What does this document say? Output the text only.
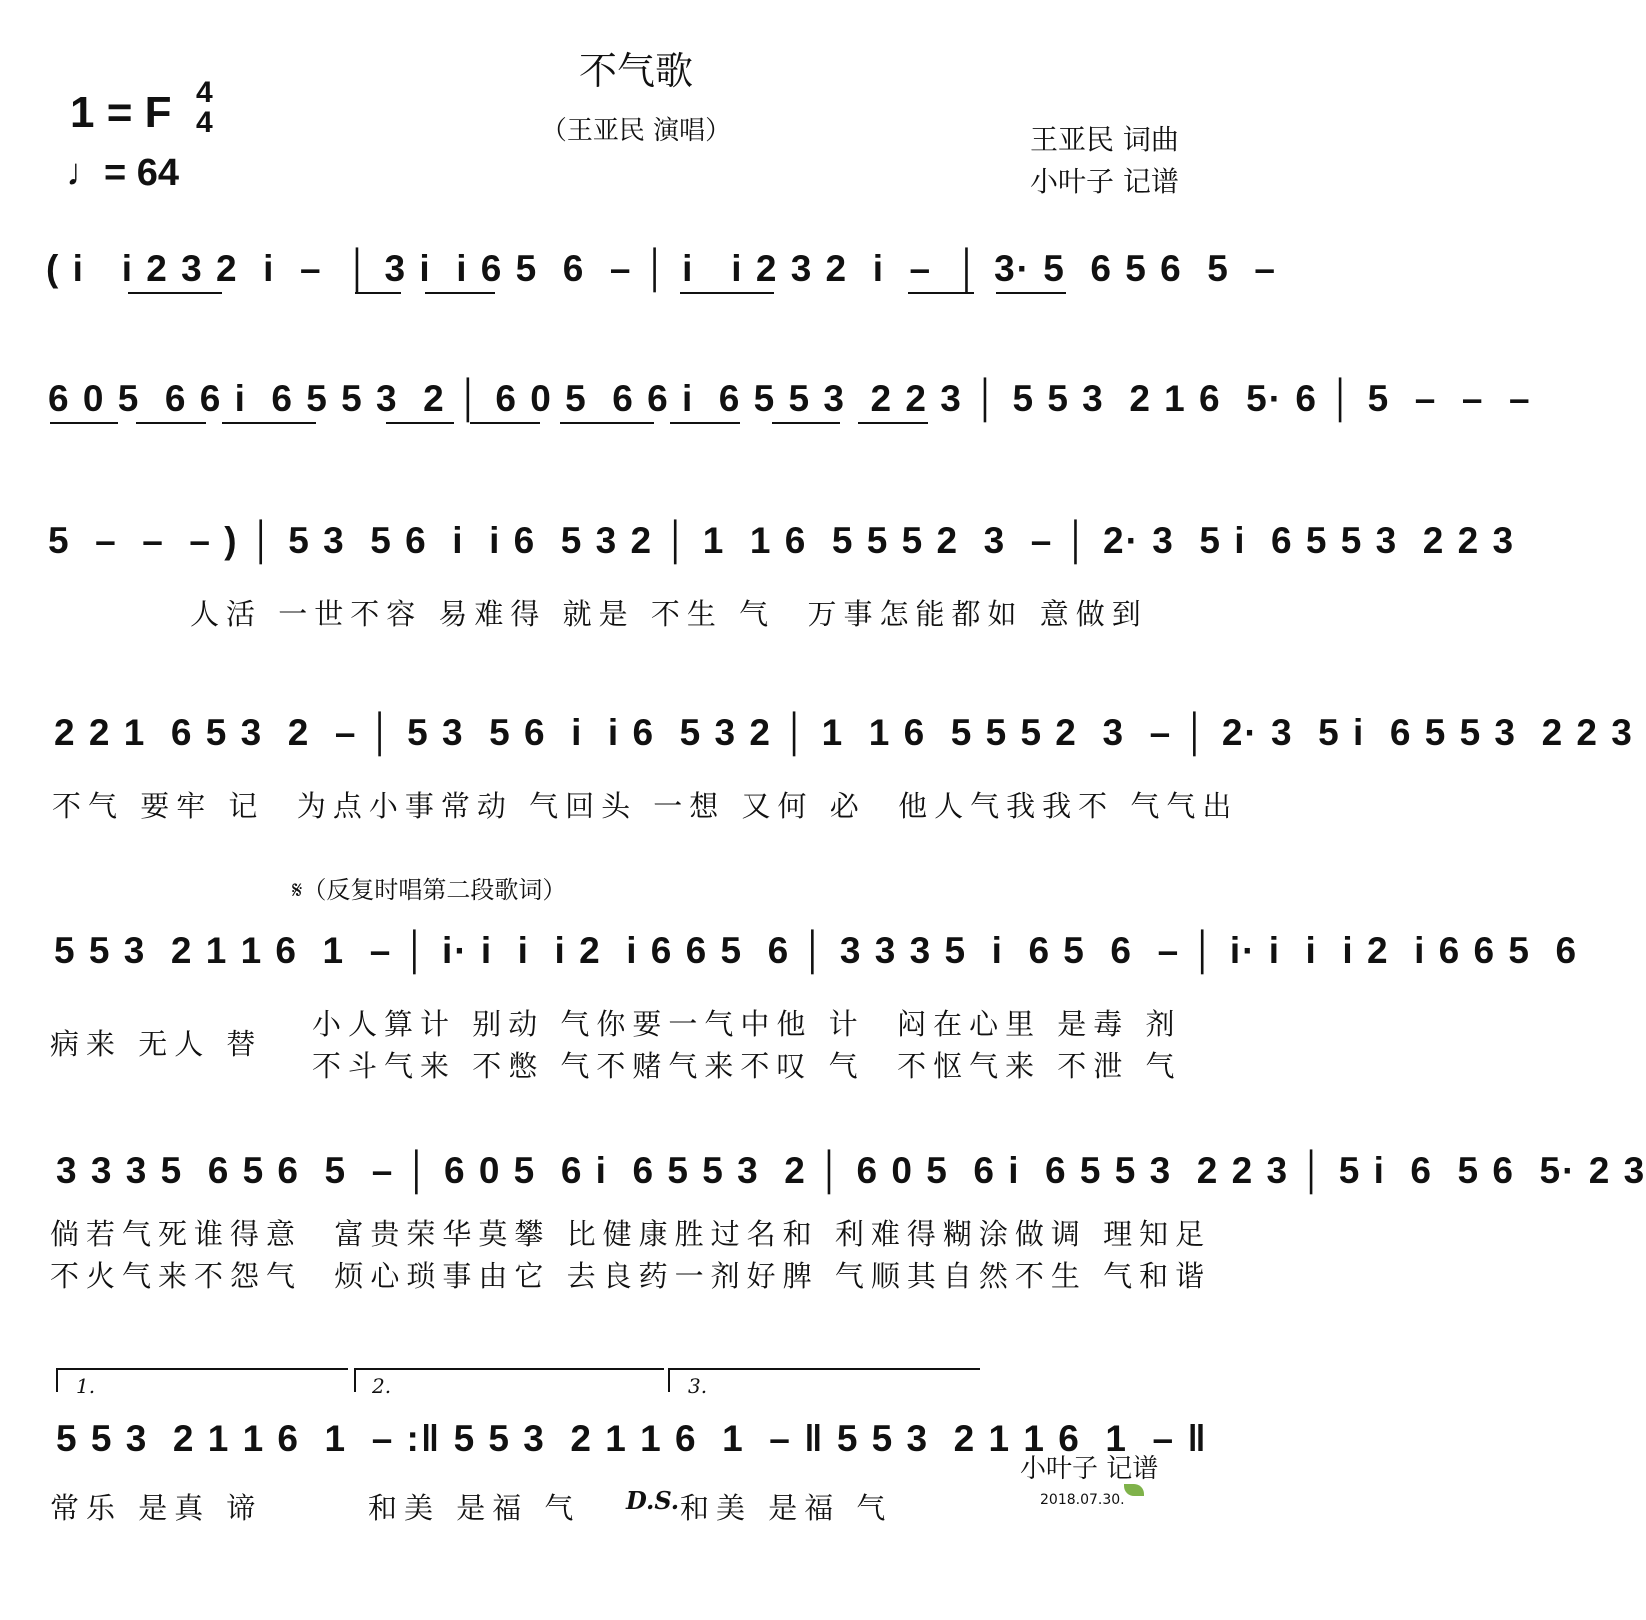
不气歌
（王亚民 演唱）
1 = F 4
4
♩= 64
王亚民 词曲
小叶子 记谱
( i   i 2 3 2  i  –  │ 3 i  i 6 5  6  – │ i   i 2 3 2  i  –  │ 3· 5  6 5 6  5  –
6 0 5  6 6 i  6 5 5 3  2 │ 6 0 5  6 6 i  6 5 5 3  2 2 3 │ 5 5 3  2 1 6  5· 6 │ 5  –  –  –
5  –  –  – ) │ 5 3  5 6  i  i 6  5 3 2 │ 1  1 6  5 5 5 2  3  – │ 2· 3  5 i  6 5 5 3  2 2 3
人活 一世不容 易难得 就是 不生 气  万事怎能都如 意做到
2 2 1  6 5 3  2  – │ 5 3  5 6  i  i 6  5 3 2 │ 1  1 6  5 5 5 2  3  – │ 2· 3  5 i  6 5 5 3  2 2 3
不气 要牢 记  为点小事常动 气回头 一想 又何 必  他人气我我不 气气出
𝄋（反复时唱第二段歌词）
5 5 3  2 1 1 6  1  – │ i· i  i  i 2  i 6 6 5  6 │ 3 3 3 5  i  6 5  6  – │ i· i  i  i 2  i 6 6 5  6
病来 无人 替
小人算计 别动 气你要一气中他 计  闷在心里 是毒 剂
不斗气来 不憋 气不赌气来不叹 气  不怄气来 不泄 气
3 3 3 5  6 5 6  5  – │ 6 0 5  6 i  6 5 5 3  2 │ 6 0 5  6 i  6 5 5 3  2 2 3 │ 5 i  6  5 6  5· 2 3
倘若气死谁得意  富贵荣华莫攀 比健康胜过名和 利难得糊涂做调 理知足
不火气来不怨气  烦心琐事由它 去良药一剂好脾 气顺其自然不生 气和谐
1.	2.	3.
5 5 3  2 1 1 6  1  – :‖ 5 5 3  2 1 1 6  1  – ‖ 5 5 3  2 1 1 6  1  – ‖
常乐 是真 谛	和美 是福 气 D.S. 和美 是福 气
小叶子 记谱
2018.07.30.
